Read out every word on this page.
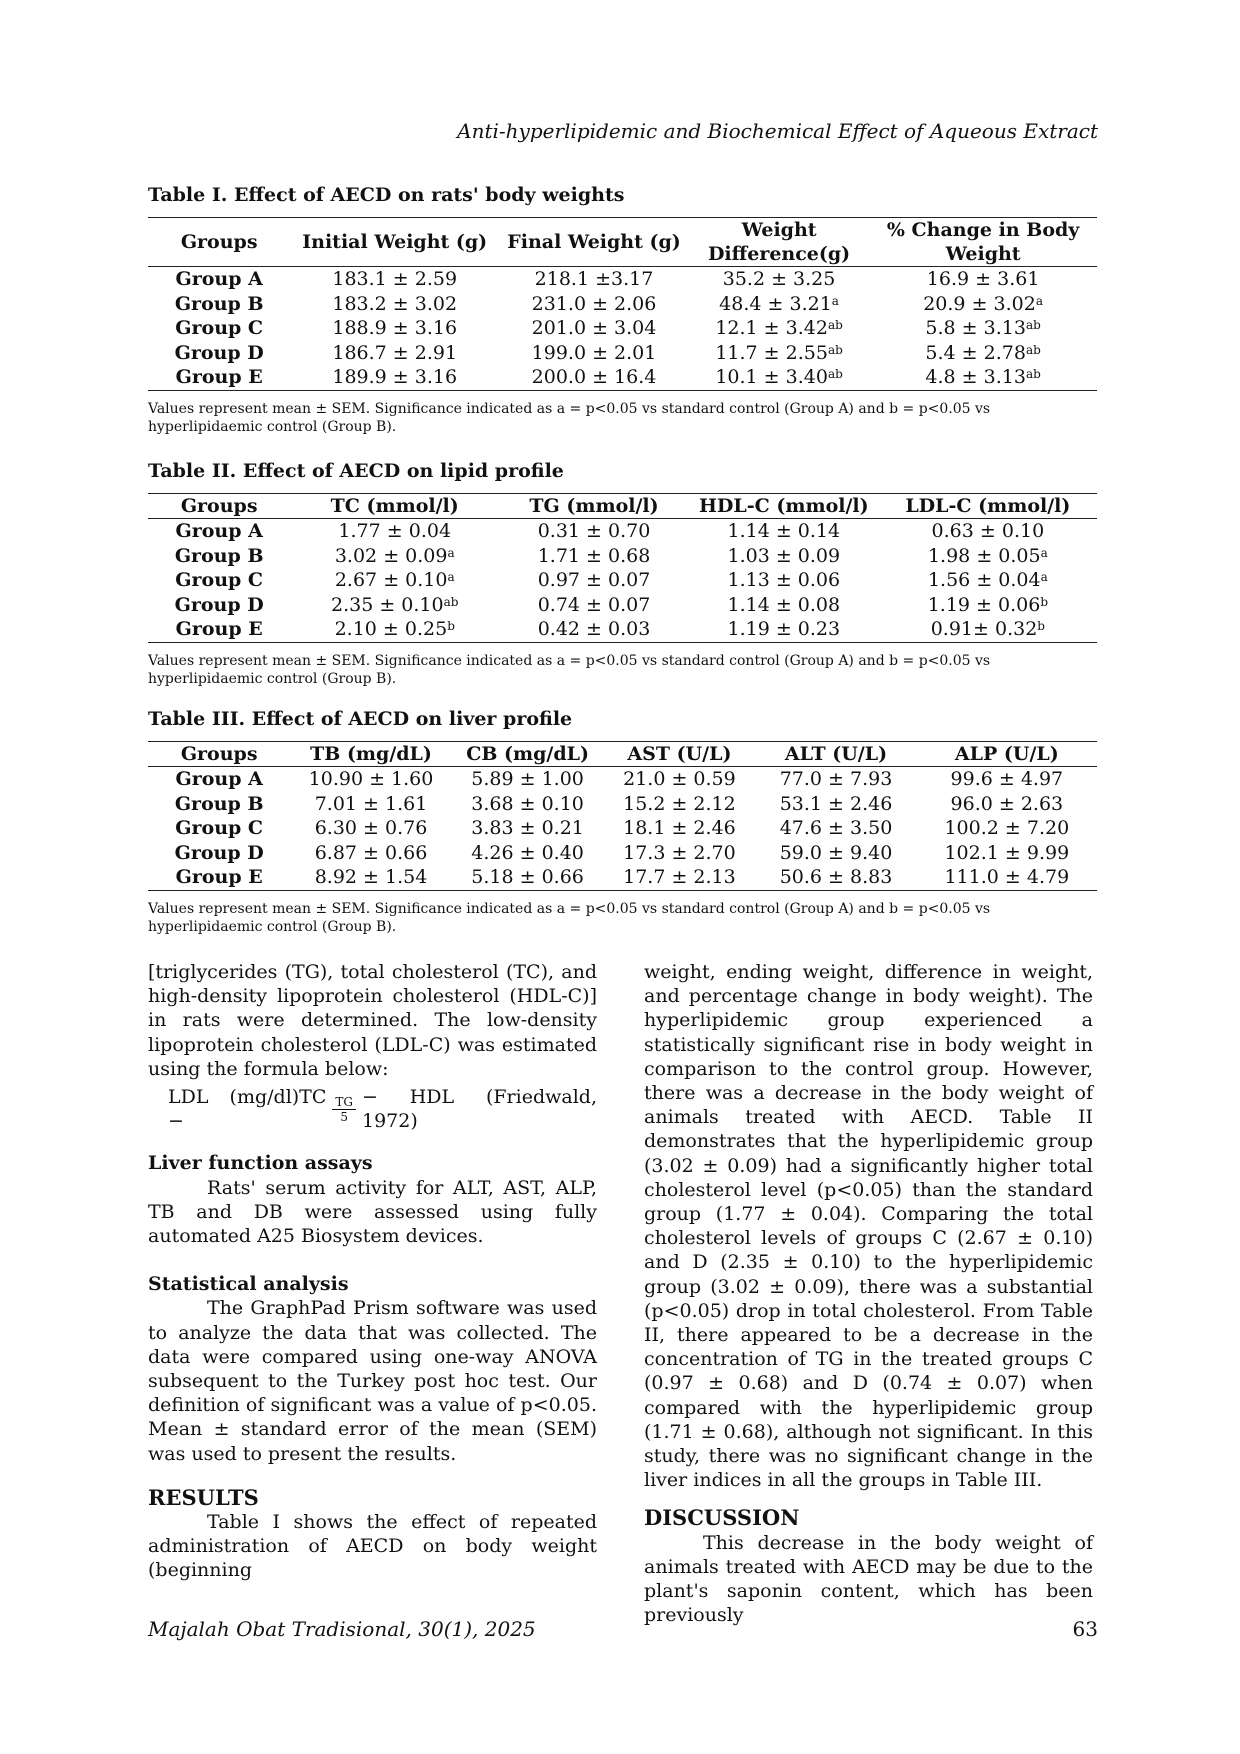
Anti-hyperlipidemic and Biochemical Effect of Aqueous Extract
Table I. Effect of AECD on rats' body weights
Groups	Initial Weight (g)	Final Weight (g)	Weight Difference(g)	% Change in Body Weight
Group A	183.1 ± 2.59	218.1 ±3.17	35.2 ± 3.25	16.9 ± 3.61
Group B	183.2 ± 3.02	231.0 ± 2.06	48.4 ± 3.21$^a$	20.9 ± 3.02$^a$
Group C	188.9 ± 3.16	201.0 ± 3.04	12.1 ± 3.42$^{ab}$	5.8 ± 3.13$^{ab}$
Group D	186.7 ± 2.91	199.0 ± 2.01	11.7 ± 2.55$^{ab}$	5.4 ± 2.78$^{ab}$
Group E	189.9 ± 3.16	200.0 ± 16.4	10.1 ± 3.40$^{ab}$	4.8 ± 3.13$^{ab}$
Values represent mean ± SEM. Significance indicated as a = p<0.05 vs standard control (Group A) and b = p<0.05 vs hyperlipidaemic control (Group B).
Table II. Effect of AECD on lipid profile
Groups	TC (mmol/l)	TG (mmol/l)	HDL-C (mmol/l)	LDL-C (mmol/l)
Group A	1.77 ± 0.04	0.31 ± 0.70	1.14 ± 0.14	0.63 ± 0.10
Group B	3.02 ± 0.09$^a$	1.71 ± 0.68	1.03 ± 0.09	1.98 ± 0.05$^a$
Group C	2.67 ± 0.10$^a$	0.97 ± 0.07	1.13 ± 0.06	1.56 ± 0.04$^a$
Group D	2.35 ± 0.10$^{ab}$	0.74 ± 0.07	1.14 ± 0.08	1.19 ± 0.06$^b$
Group E	2.10 ± 0.25$^b$	0.42 ± 0.03	1.19 ± 0.23	0.91± 0.32$^b$
Values represent mean ± SEM. Significance indicated as a = p<0.05 vs standard control (Group A) and b = p<0.05 vs hyperlipidaemic control (Group B).
Table III. Effect of AECD on liver profile
Groups	TB (mg/dL)	CB (mg/dL)	AST (U/L)	ALT (U/L)	ALP (U/L)
Group A	10.90 ± 1.60	5.89 ± 1.00	21.0 ± 0.59	77.0 ± 7.93	99.6 ± 4.97
Group B	7.01 ± 1.61	3.68 ± 0.10	15.2 ± 2.12	53.1 ± 2.46	96.0 ± 2.63
Group C	6.30 ± 0.76	3.83 ± 0.21	18.1 ± 2.46	47.6 ± 3.50	100.2 ± 7.20
Group D	6.87 ± 0.66	4.26 ± 0.40	17.3 ± 2.70	59.0 ± 9.40	102.1 ± 9.99
Group E	8.92 ± 1.54	5.18 ± 0.66	17.7 ± 2.13	50.6 ± 8.83	111.0 ± 4.79
Values represent mean ± SEM. Significance indicated as a = p<0.05 vs standard control (Group A) and b = p<0.05 vs hyperlipidaemic control (Group B).

[triglycerides (TG), total cholesterol (TC), and high-density lipoprotein cholesterol (HDL-C)] in rats were determined. The low-density lipoprotein cholesterol (LDL-C) was estimated using the formula below:

LDL (mg/dl)TC −	$\frac{TG}{5}$ − HDL (Friedwald, 1972)

Liver function assays

Rats' serum activity for ALT, AST, ALP, TB and DB were assessed using fully automated A25 Biosystem devices.

Statistical analysis

The GraphPad Prism software was used to analyze the data that was collected. The data were compared using one-way ANOVA subsequent to the Turkey post hoc test. Our definition of significant was a value of p<0.05. Mean ± standard error of the mean (SEM) was used to present the results.

RESULTS

Table I shows the effect of repeated administration of AECD on body weight (beginning

weight, ending weight, difference in weight, and percentage change in body weight). The hyperlipidemic group experienced a statistically significant rise in body weight in comparison to the control group. However, there was a decrease in the body weight of animals treated with AECD. Table II demonstrates that the hyperlipidemic group (3.02 ± 0.09) had a significantly higher total cholesterol level (p<0.05) than the standard group (1.77 ± 0.04). Comparing the total cholesterol levels of groups C (2.67 ± 0.10) and D (2.35 ± 0.10) to the hyperlipidemic group (3.02 ± 0.09), there was a substantial (p<0.05) drop in total cholesterol. From Table II, there appeared to be a decrease in the concentration of TG in the treated groups C (0.97 ± 0.68) and D (0.74 ± 0.07) when compared with the hyperlipidemic group (1.71 ± 0.68), although not significant. In this study, there was no significant change in the liver indices in all the groups in Table III.

DISCUSSION

This decrease in the body weight of animals treated with AECD may be due to the plant's saponin content, which has been previously

Majalah Obat Tradisional, 30(1), 2025	63
